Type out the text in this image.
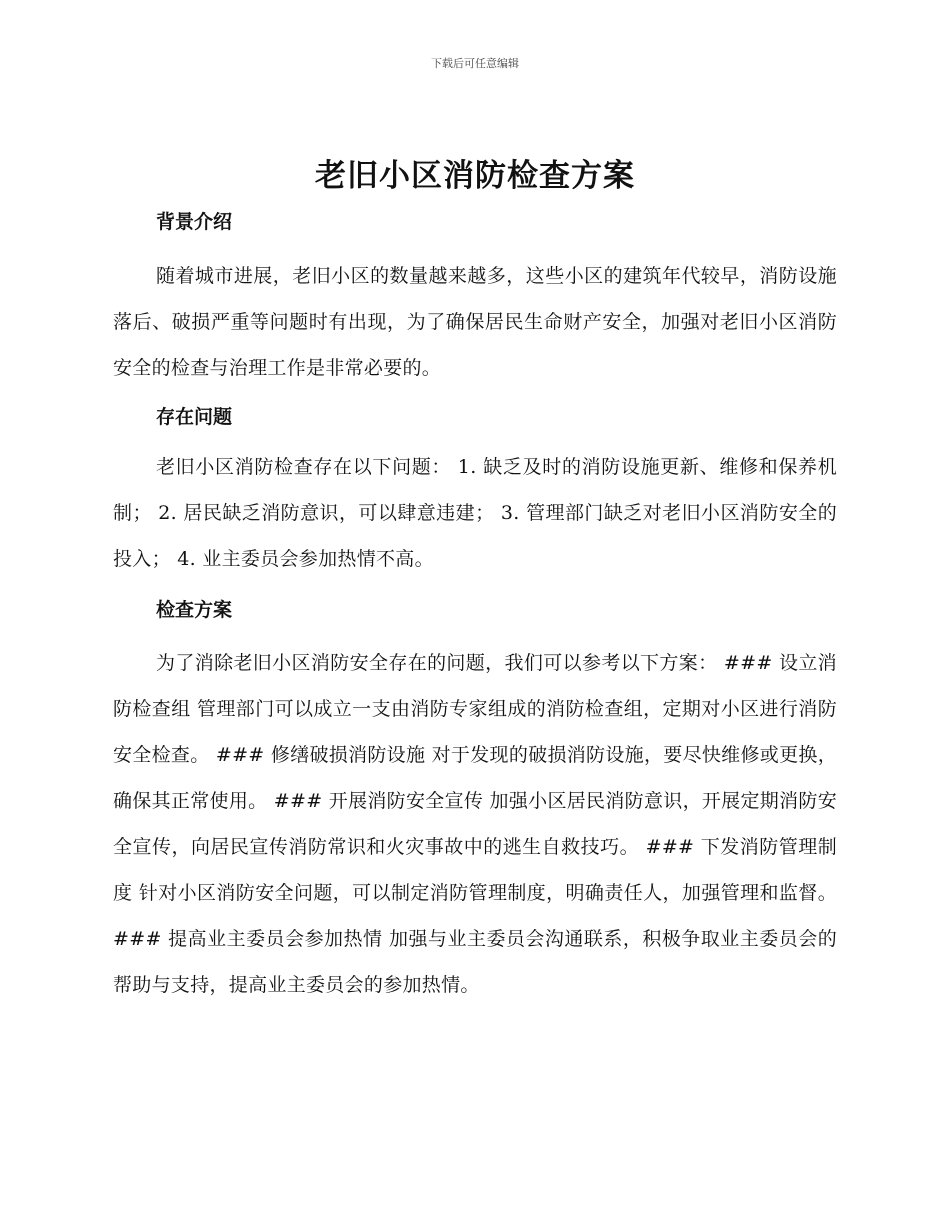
下载后可任意编辑
老旧小区消防检查方案
背景介绍

随着城市进展，老旧小区的数量越来越多，这些小区的建筑年代较早，消防设施落后、破损严重等问题时有出现，为了确保居民生命财产安全，加强对老旧小区消防安全的检查与治理工作是非常必要的。

存在问题

老旧小区消防检查存在以下问题： 1. 缺乏及时的消防设施更新、维修和保养机制； 2. 居民缺乏消防意识，可以肆意违建； 3. 管理部门缺乏对老旧小区消防安全的投入； 4. 业主委员会参加热情不高。

检查方案

为了消除老旧小区消防安全存在的问题，我们可以参考以下方案： ### 设立消防检查组 管理部门可以成立一支由消防专家组成的消防检查组，定期对小区进行消防安全检查。 ### 修缮破损消防设施 对于发现的破损消防设施，要尽快维修或更换，确保其正常使用。 ### 开展消防安全宣传 加强小区居民消防意识，开展定期消防安全宣传，向居民宣传消防常识和火灾事故中的逃生自救技巧。 ### 下发消防管理制度 针对小区消防安全问题，可以制定消防管理制度，明确责任人，加强管理和监督。 ### 提高业主委员会参加热情 加强与业主委员会沟通联系，积极争取业主委员会的帮助与支持，提高业主委员会的参加热情。
